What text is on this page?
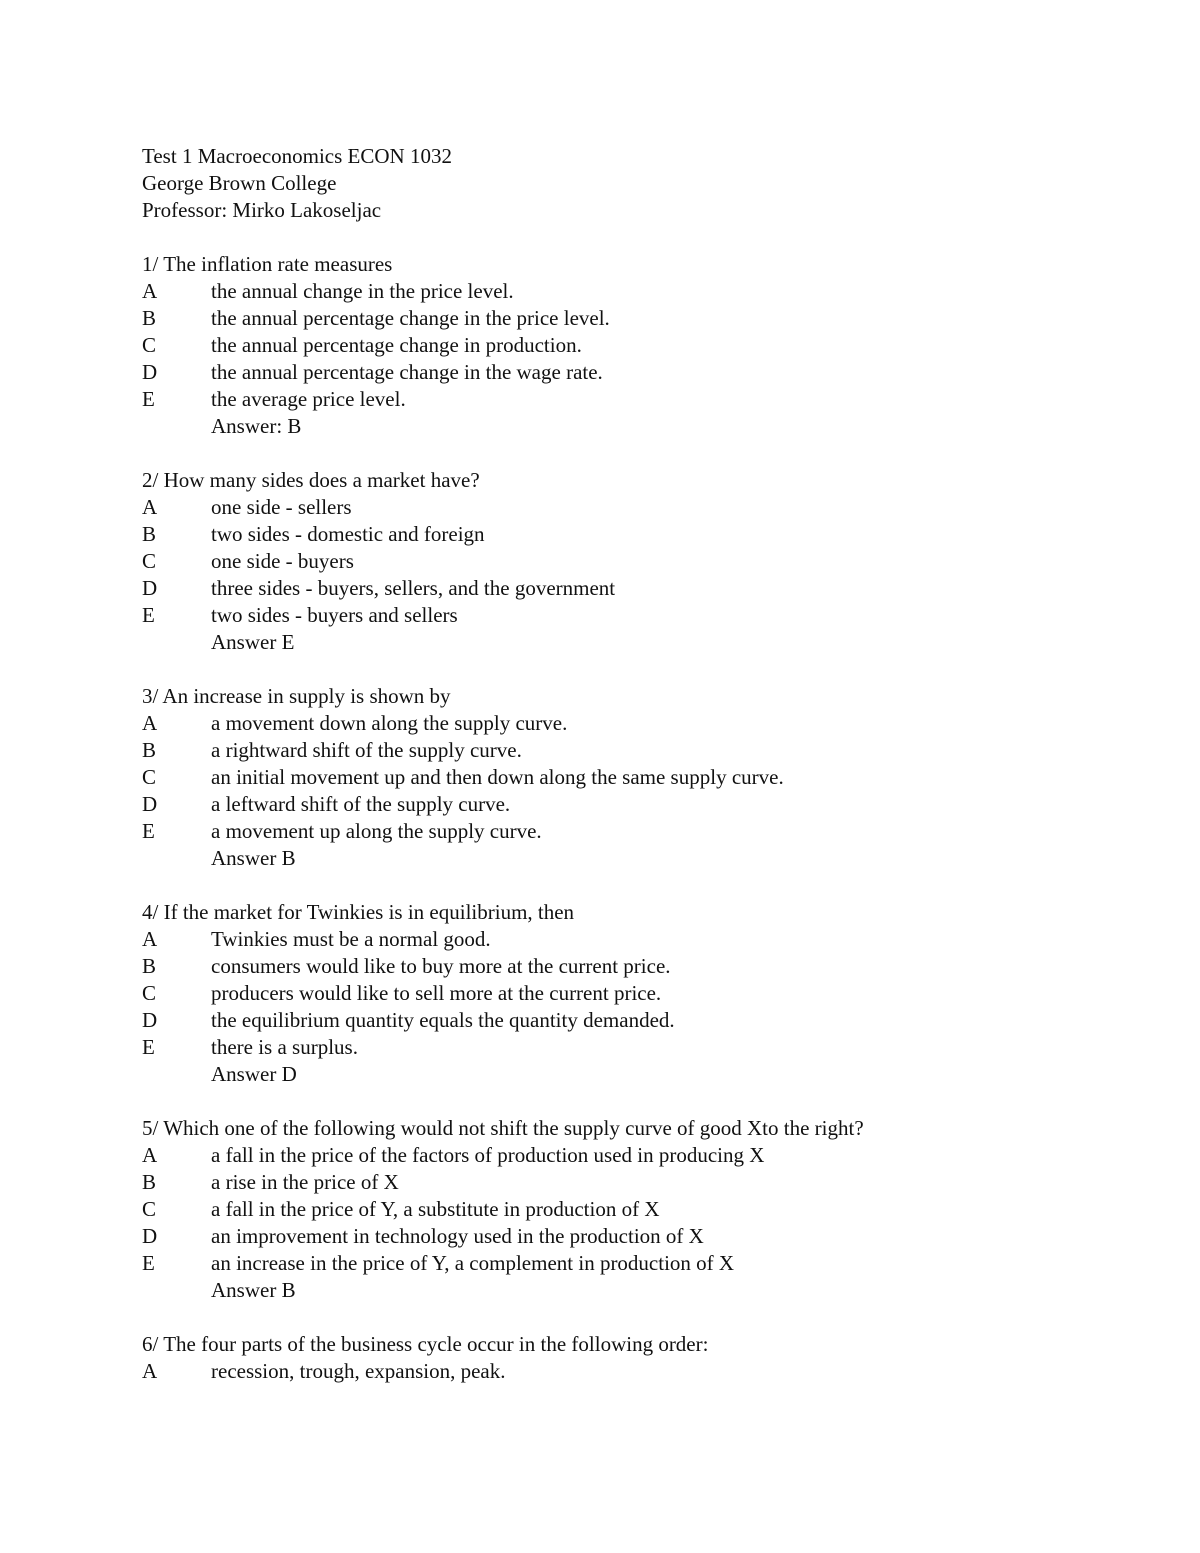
Test 1 Macroeconomics ECON 1032
George Brown College
Professor: Mirko Lakoseljac
1/ The inflation rate measures
A	the annual change in the price level.
B	the annual percentage change in the price level.
C	the annual percentage change in production.
D	the annual percentage change in the wage rate.
E	the average price level.
Answer: B
2/ How many sides does a market have?
A	one side - sellers
B	two sides - domestic and foreign
C	one side - buyers
D	three sides - buyers, sellers, and the government
E	two sides - buyers and sellers
Answer E
3/ An increase in supply is shown by
A	a movement down along the supply curve.
B	a rightward shift of the supply curve.
C	an initial movement up and then down along the same supply curve.
D	a leftward shift of the supply curve.
E	a movement up along the supply curve.
Answer B
4/ If the market for Twinkies is in equilibrium, then
A	Twinkies must be a normal good.
B	consumers would like to buy more at the current price.
C	producers would like to sell more at the current price.
D	the equilibrium quantity equals the quantity demanded.
E	there is a surplus.
Answer D
5/ Which one of the following would not shift the supply curve of good Xto the right?
A	a fall in the price of the factors of production used in producing X
B	a rise in the price of X
C	a fall in the price of Y, a substitute in production of X
D	an improvement in technology used in the production of X
E	an increase in the price of Y, a complement in production of X
Answer B
6/ The four parts of the business cycle occur in the following order:
A	recession, trough, expansion, peak.
